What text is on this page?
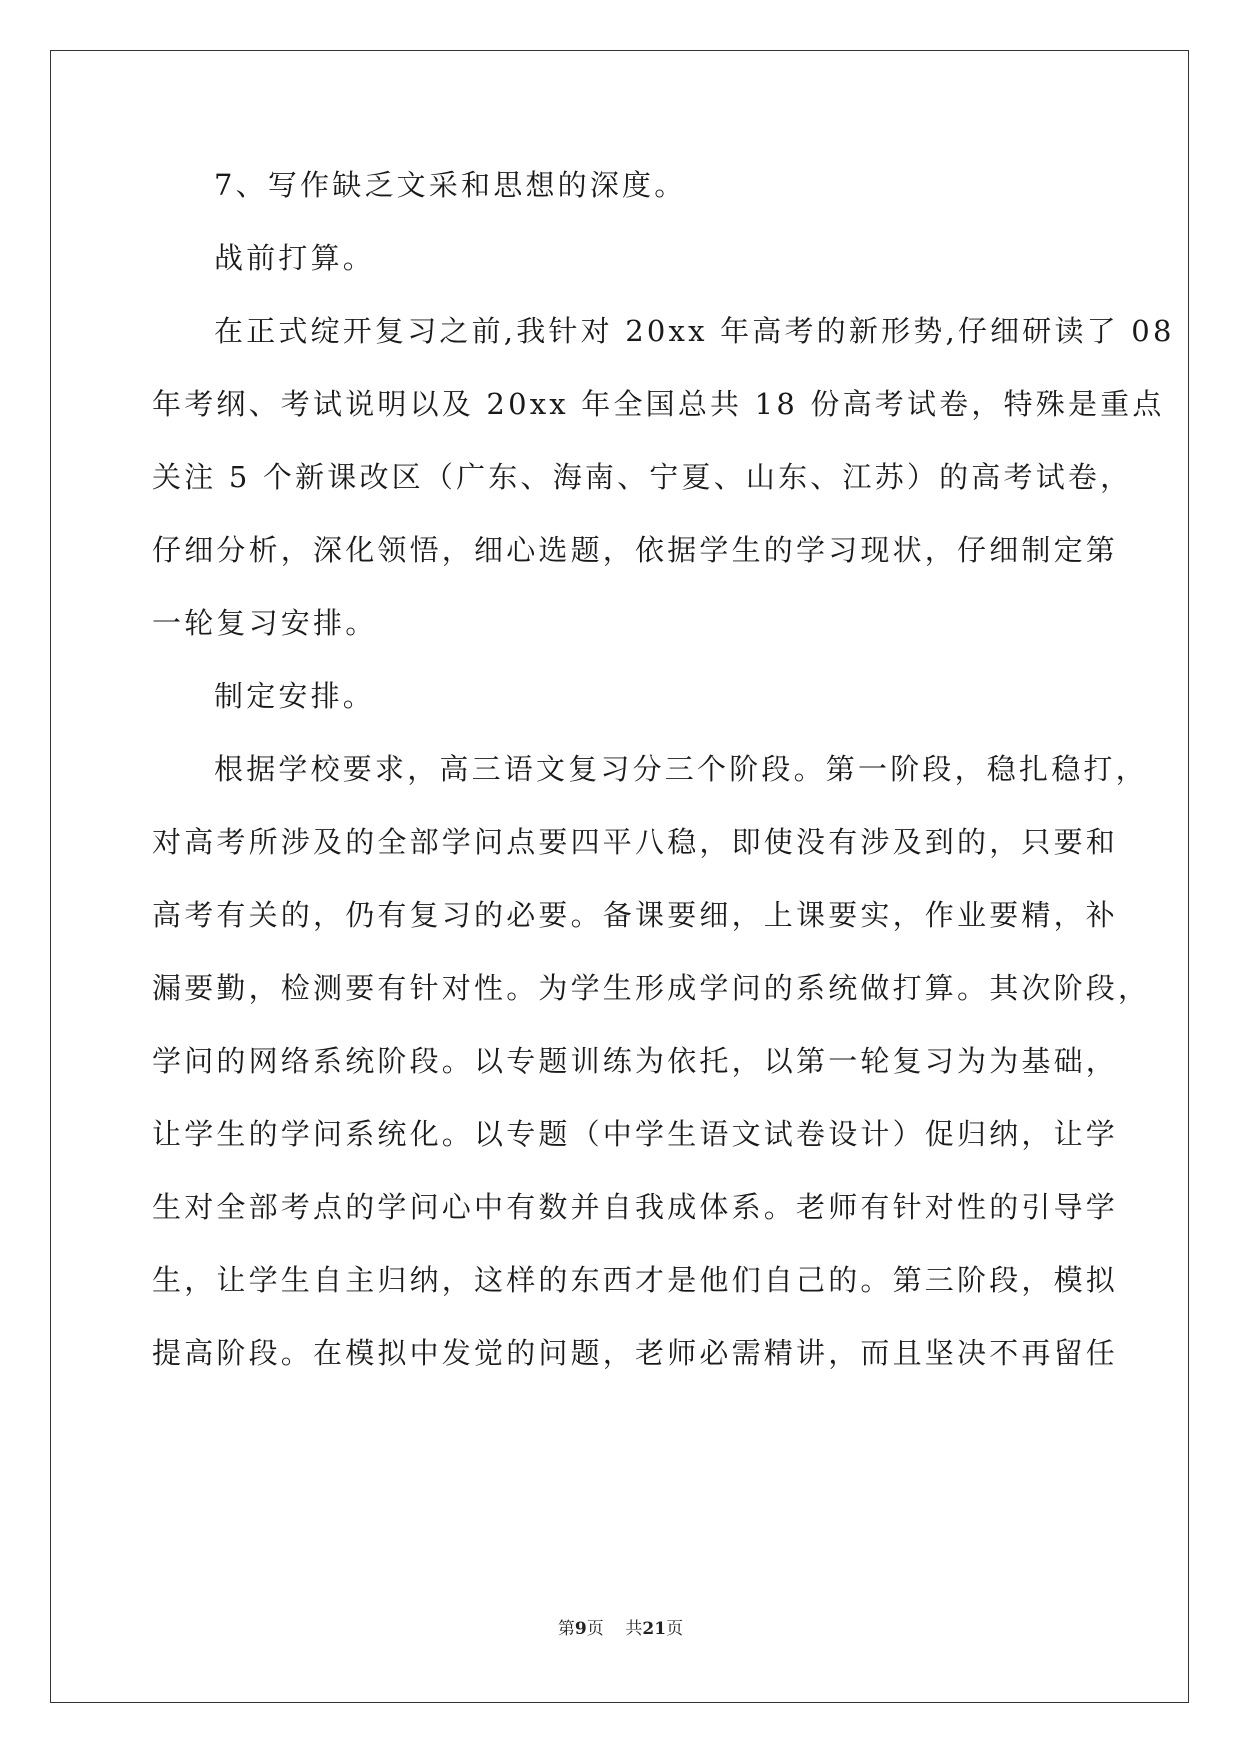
7、写作缺乏文采和思想的深度。
战前打算。
在正式绽开复习之前,我针对 20xx 年高考的新形势,仔细研读了 08
年考纲、考试说明以及 20xx 年全国总共 18 份高考试卷，特殊是重点
关注 5 个新课改区（广东、海南、宁夏、山东、江苏）的高考试卷，
仔细分析，深化领悟，细心选题，依据学生的学习现状，仔细制定第
一轮复习安排。
制定安排。
根据学校要求，高三语文复习分三个阶段。第一阶段，稳扎稳打，
对高考所涉及的全部学问点要四平八稳，即使没有涉及到的，只要和
高考有关的，仍有复习的必要。备课要细，上课要实，作业要精，补
漏要勤，检测要有针对性。为学生形成学问的系统做打算。其次阶段，
学问的网络系统阶段。以专题训练为依托，以第一轮复习为为基础，
让学生的学问系统化。以专题（中学生语文试卷设计）促归纳，让学
生对全部考点的学问心中有数并自我成体系。老师有针对性的引导学
生，让学生自主归纳，这样的东西才是他们自己的。第三阶段，模拟
提高阶段。在模拟中发觉的问题，老师必需精讲，而且坚决不再留任
第9页    共21页
